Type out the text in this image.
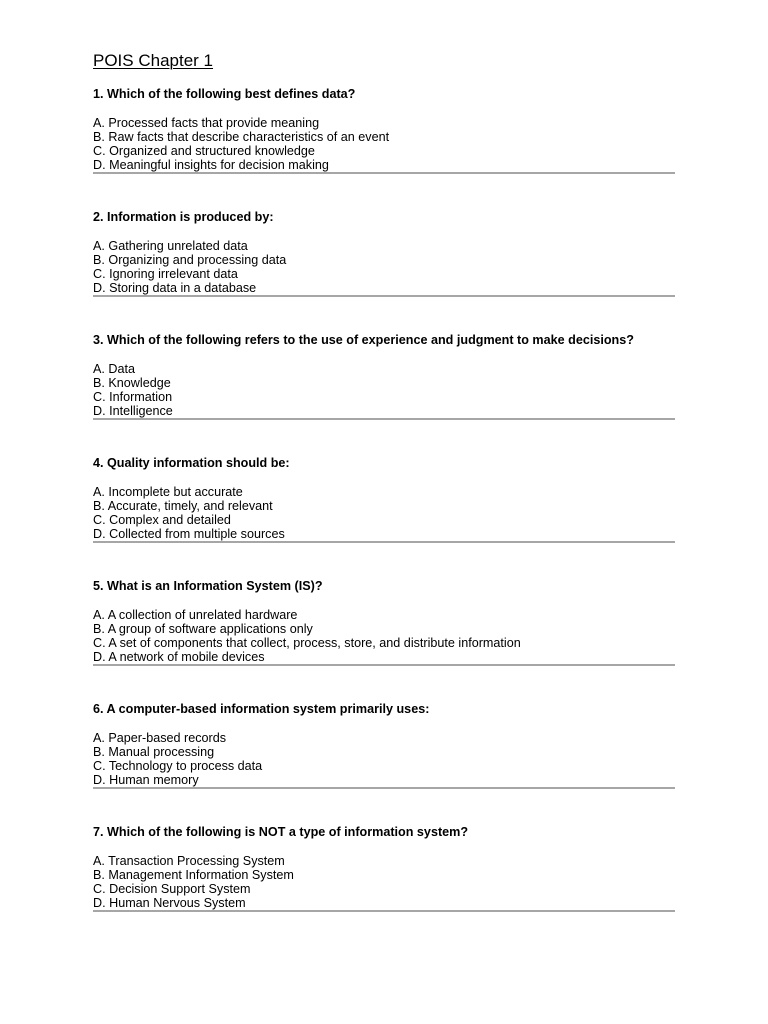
POIS Chapter 1

1. Which of the following best defines data?

A. Processed facts that provide meaning
B. Raw facts that describe characteristics of an event
C. Organized and structured knowledge
D. Meaningful insights for decision making

2. Information is produced by:

A. Gathering unrelated data
B. Organizing and processing data
C. Ignoring irrelevant data
D. Storing data in a database

3. Which of the following refers to the use of experience and judgment to make decisions?

A. Data
B. Knowledge
C. Information
D. Intelligence

4. Quality information should be:

A. Incomplete but accurate
B. Accurate, timely, and relevant
C. Complex and detailed
D. Collected from multiple sources

5. What is an Information System (IS)?

A. A collection of unrelated hardware
B. A group of software applications only
C. A set of components that collect, process, store, and distribute information
D. A network of mobile devices

6. A computer-based information system primarily uses:

A. Paper-based records
B. Manual processing
C. Technology to process data
D. Human memory

7. Which of the following is NOT a type of information system?

A. Transaction Processing System
B. Management Information System
C. Decision Support System
D. Human Nervous System
